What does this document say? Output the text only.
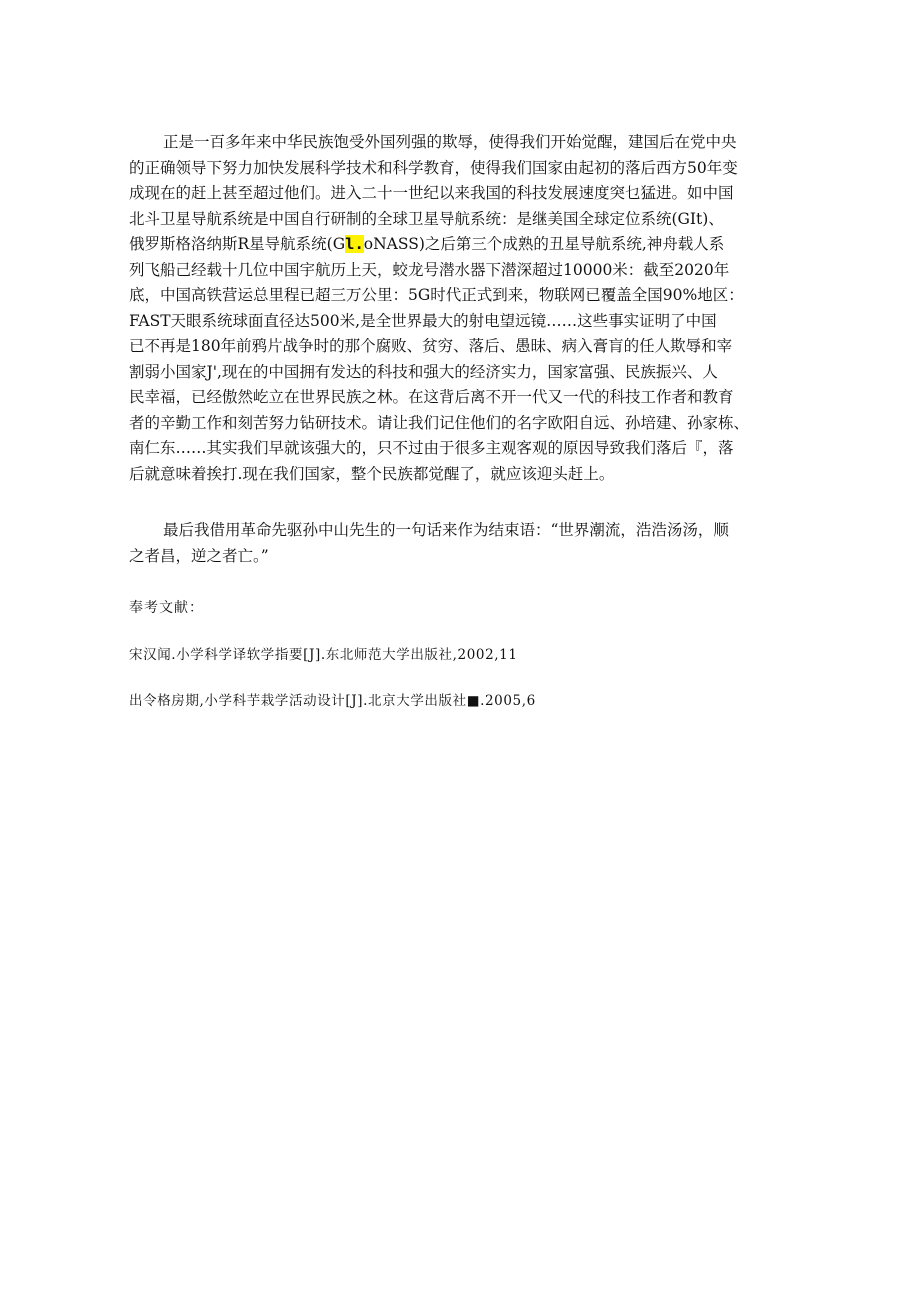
正是一百多年来中华民族饱受外国列强的欺辱，使得我们开始觉醒，建国后在党中央
的正确领导下努力加快发展科学技术和科学教育，使得我们国家由起初的落后西方50年变
成现在的赶上甚至超过他们。进入二十一世纪以来我国的科技发展速度突乜猛进。如中国
北斗卫星导航系统是中国自行研制的全球卫星导航系统：是继美国全球定位系统(GIt)、
俄罗斯格洛纳斯R星导航系统(Gl.oNASS)之后第三个成熟的丑星导航系统,神舟载人系
列飞船己经载十几位中国宇航历上天，蛟龙号潜水器下潜深超过10000米：截至2020年
底，中国高铁营运总里程已超三万公里：5G时代正式到来，物联网已覆盖全国90%地区：
FAST天眼系统球面直径达500米,是全世界最大的射电望远镜……这些事实证明了中国
已不再是180年前鸦片战争时的那个腐败、贫穷、落后、愚昧、病入膏肓的任人欺辱和宰
割弱小国家J',现在的中国拥有发达的科技和强大的经济实力，国家富强、民族振兴、人
民幸福，已经傲然屹立在世界民族之林。在这背后离不开一代又一代的科技工作者和教育
者的辛勤工作和刻苦努力钻研技术。请让我们记住他们的名字欧阳自远、孙培建、孙家栋、
南仁东……其实我们早就该强大的，只不过由于很多主观客观的原因导致我们落后『，落
后就意味着挨打.现在我们国家，整个民族都觉醒了，就应该迎头赶上。
最后我借用革命先驱孙中山先生的一句话来作为结束语：“世界潮流，浩浩汤汤，顺
之者昌，逆之者亡。”
奉考文献：
宋汉闻.小学科学译软学指要[J].东北师范大学出版社,2002,11
出令格房期,小学科芋栽学活动设计[J].北京大学出版社■.2005,6
